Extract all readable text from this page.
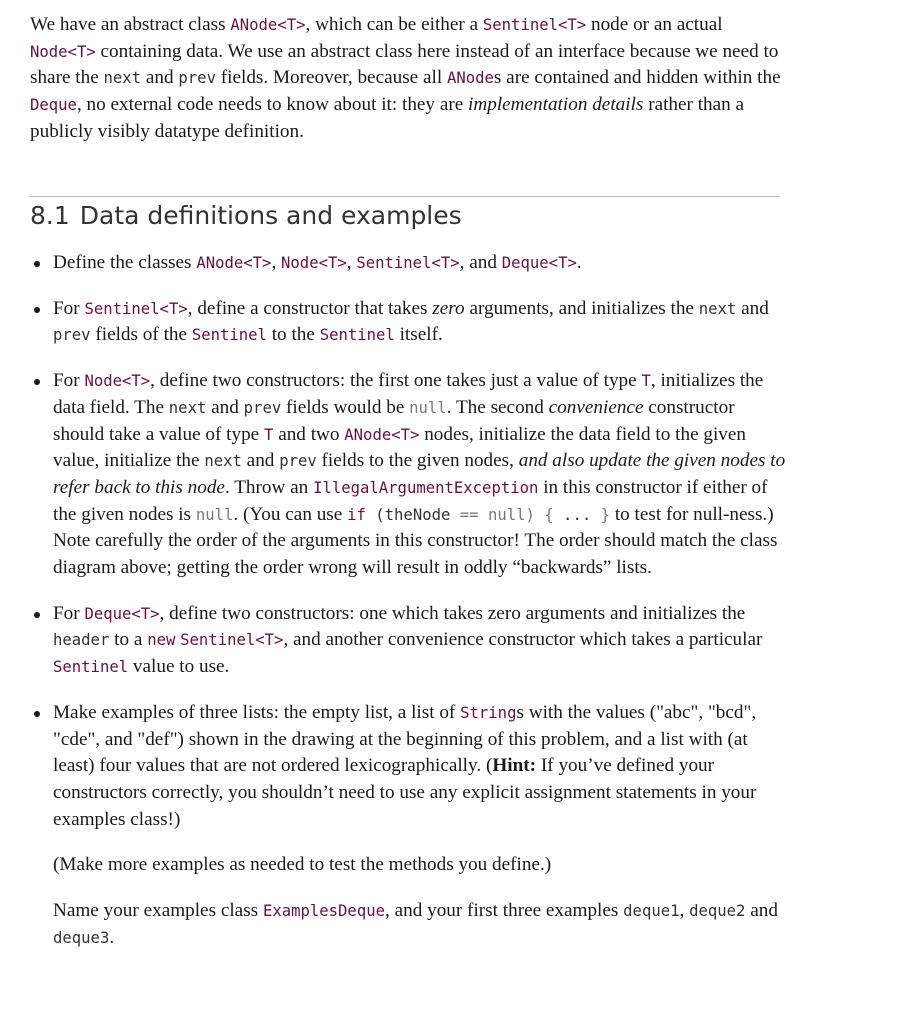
We have an abstract class ANode<T>, which can be either a Sentinel<T> node or an actual Node<T> containing data. We use an abstract class here instead of an interface because we need to share the next and prev fields. Moreover, because all ANodes are contained and hidden within the Deque, no external code needs to know about it: they are implementation details rather than a publicly visibly datatype definition.

8.1 Data definitions and examples

Define the classes ANode<T>, Node<T>, Sentinel<T>, and Deque<T>.

For Sentinel<T>, define a constructor that takes zero arguments, and initializes the next and prev fields of the Sentinel to the Sentinel itself.

For Node<T>, define two constructors: the first one takes just a value of type T, initializes the data field. The next and prev fields would be null. The second convenience constructor should take a value of type T and two ANode<T> nodes, initialize the data field to the given value, initialize the next and prev fields to the given nodes, and also update the given nodes to refer back to this node. Throw an IllegalArgumentException in this constructor if either of the given nodes is null. (You can use if (theNode == null) { ... } to test for null-ness.) Note carefully the order of the arguments in this constructor! The order should match the class diagram above; getting the order wrong will result in oddly “backwards” lists.

For Deque<T>, define two constructors: one which takes zero arguments and initializes the header to a new Sentinel<T>, and another convenience constructor which takes a particular Sentinel value to use.

Make examples of three lists: the empty list, a list of Strings with the values ("abc", "bcd", "cde", and "def") shown in the drawing at the beginning of this problem, and a list with (at least) four values that are not ordered lexicographically. (Hint: If you’ve defined your constructors correctly, you shouldn’t need to use any explicit assignment statements in your examples class!)

(Make more examples as needed to test the methods you define.)

Name your examples class ExamplesDeque, and your first three examples deque1, deque2 and deque3.
